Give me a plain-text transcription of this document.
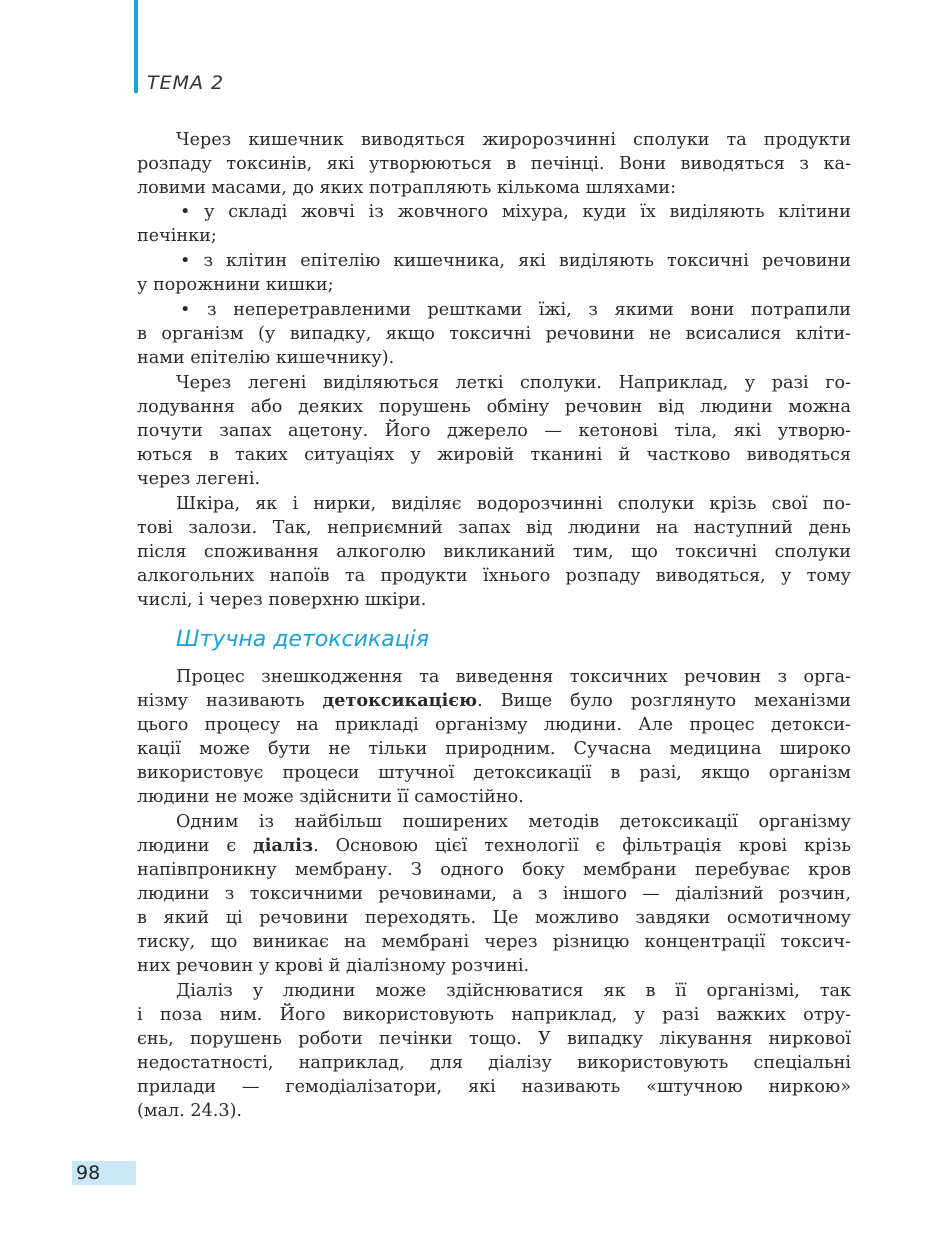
ТЕМА 2
Через кишечник виводяться жиророзчинні сполуки та продукти
розпаду токсинів, які утворюються в печінці. Вони виводяться з ка-
ловими масами, до яких потрапляють кількома шляхами:
• у складі жовчі із жовчного міхура, куди їх виділяють клітини
печінки;
• з клітин епітелію кишечника, які виділяють токсичні речовини
у порожнини кишки;
• з неперетравленими рештками їжі, з якими вони потрапили
в організм (у випадку, якщо токсичні речовини не всисалися кліти-
нами епітелію кишечнику).
Через легені виділяються леткі сполуки. Наприклад, у разі го-
лодування або деяких порушень обміну речовин від людини можна
почути запах ацетону. Його джерело — кетонові тіла, які утворю-
ються в таких ситуаціях у жировій тканині й частково виводяться
через легені.
Шкіра, як і нирки, виділяє водорозчинні сполуки крізь свої по-
тові залози. Так, неприємний запах від людини на наступний день
після споживання алкоголю викликаний тим, що токсичні сполуки
алкогольних напоїв та продукти їхнього розпаду виводяться, у тому
числі, і через поверхню шкіри.
Процес знешкодження та виведення токсичних речовин з орга-
нізму називають детоксикацією. Вище було розглянуто механізми
цього процесу на прикладі організму людини. Але процес детокси-
кації може бути не тільки природним. Сучасна медицина широко
використовує процеси штучної детоксикації в разі, якщо організм
людини не може здійснити її самостійно.
Одним із найбільш поширених методів детоксикації організму
людини є діаліз. Основою цієї технології є фільтрація крові крізь
напівпроникну мембрану. З одного боку мембрани перебуває кров
людини з токсичними речовинами, а з іншого — діалізний розчин,
в який ці речовини переходять. Це можливо завдяки осмотичному
тиску, що виникає на мембрані через різницю концентрації токсич-
них речовин у крові й діалізному розчині.
Діаліз у людини може здійснюватися як в її організмі, так
і поза ним. Його використовують наприклад, у разі важких отру-
єнь, порушень роботи печінки тощо. У випадку лікування ниркової
недостатності, наприклад, для діалізу використовують спеціальні
прилади — гемодіалізатори, які називають «штучною ниркою»
(мал. 24.3).
Штучна детоксикація
98
